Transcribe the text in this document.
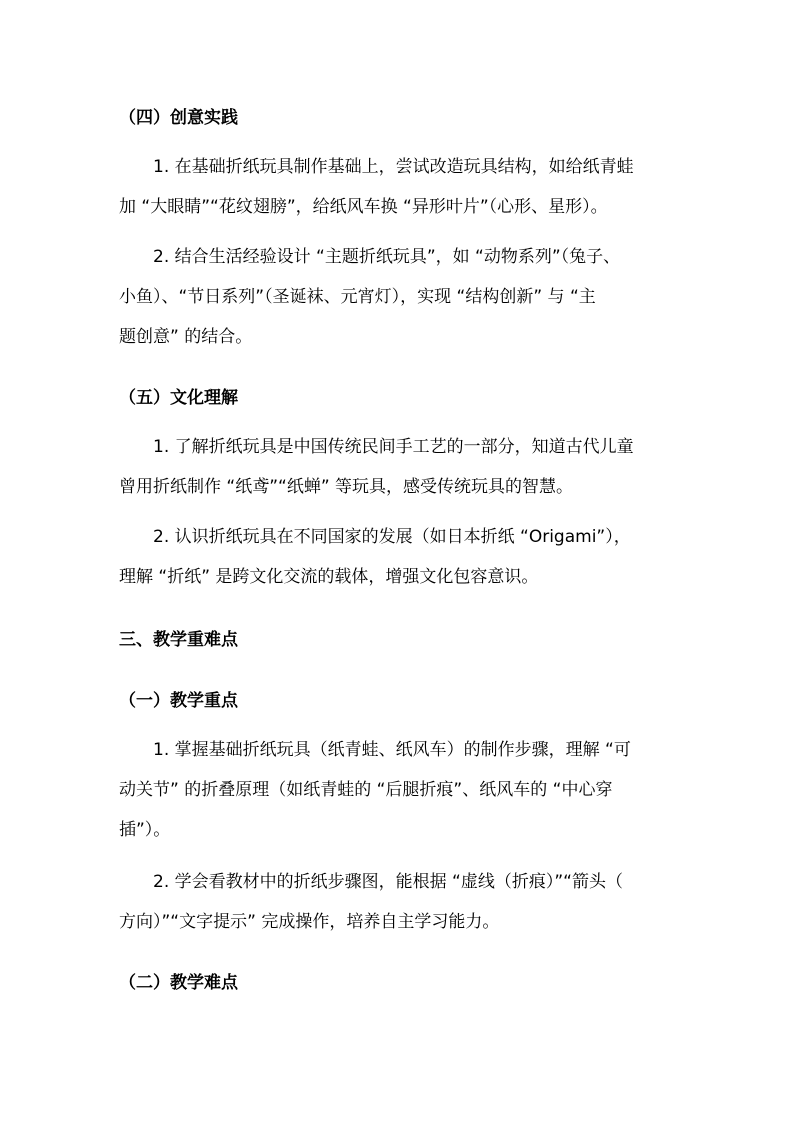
（四）创意实践
1. 在基础折纸玩具制作基础上，尝试改造玩具结构，如给纸青蛙
加 “大眼睛”“花纹翅膀”，给纸风车换 “异形叶片”（心形、星形）。
2. 结合生活经验设计 “主题折纸玩具”，如 “动物系列”（兔子、
小鱼）、“节日系列”（圣诞袜、元宵灯），实现 “结构创新” 与 “主
题创意” 的结合。
（五）文化理解
1. 了解折纸玩具是中国传统民间手工艺的一部分，知道古代儿童
曾用折纸制作 “纸鸢”“纸蝉” 等玩具，感受传统玩具的智慧。
2. 认识折纸玩具在不同国家的发展（如日本折纸 “Origami”），
理解 “折纸” 是跨文化交流的载体，增强文化包容意识。
三、教学重难点
（一）教学重点
1. 掌握基础折纸玩具（纸青蛙、纸风车）的制作步骤，理解 “可
动关节” 的折叠原理（如纸青蛙的 “后腿折痕”、纸风车的 “中心穿
插”）。
2. 学会看教材中的折纸步骤图，能根据 “虚线（折痕）”“箭头（
方向）”“文字提示” 完成操作，培养自主学习能力。
（二）教学难点
